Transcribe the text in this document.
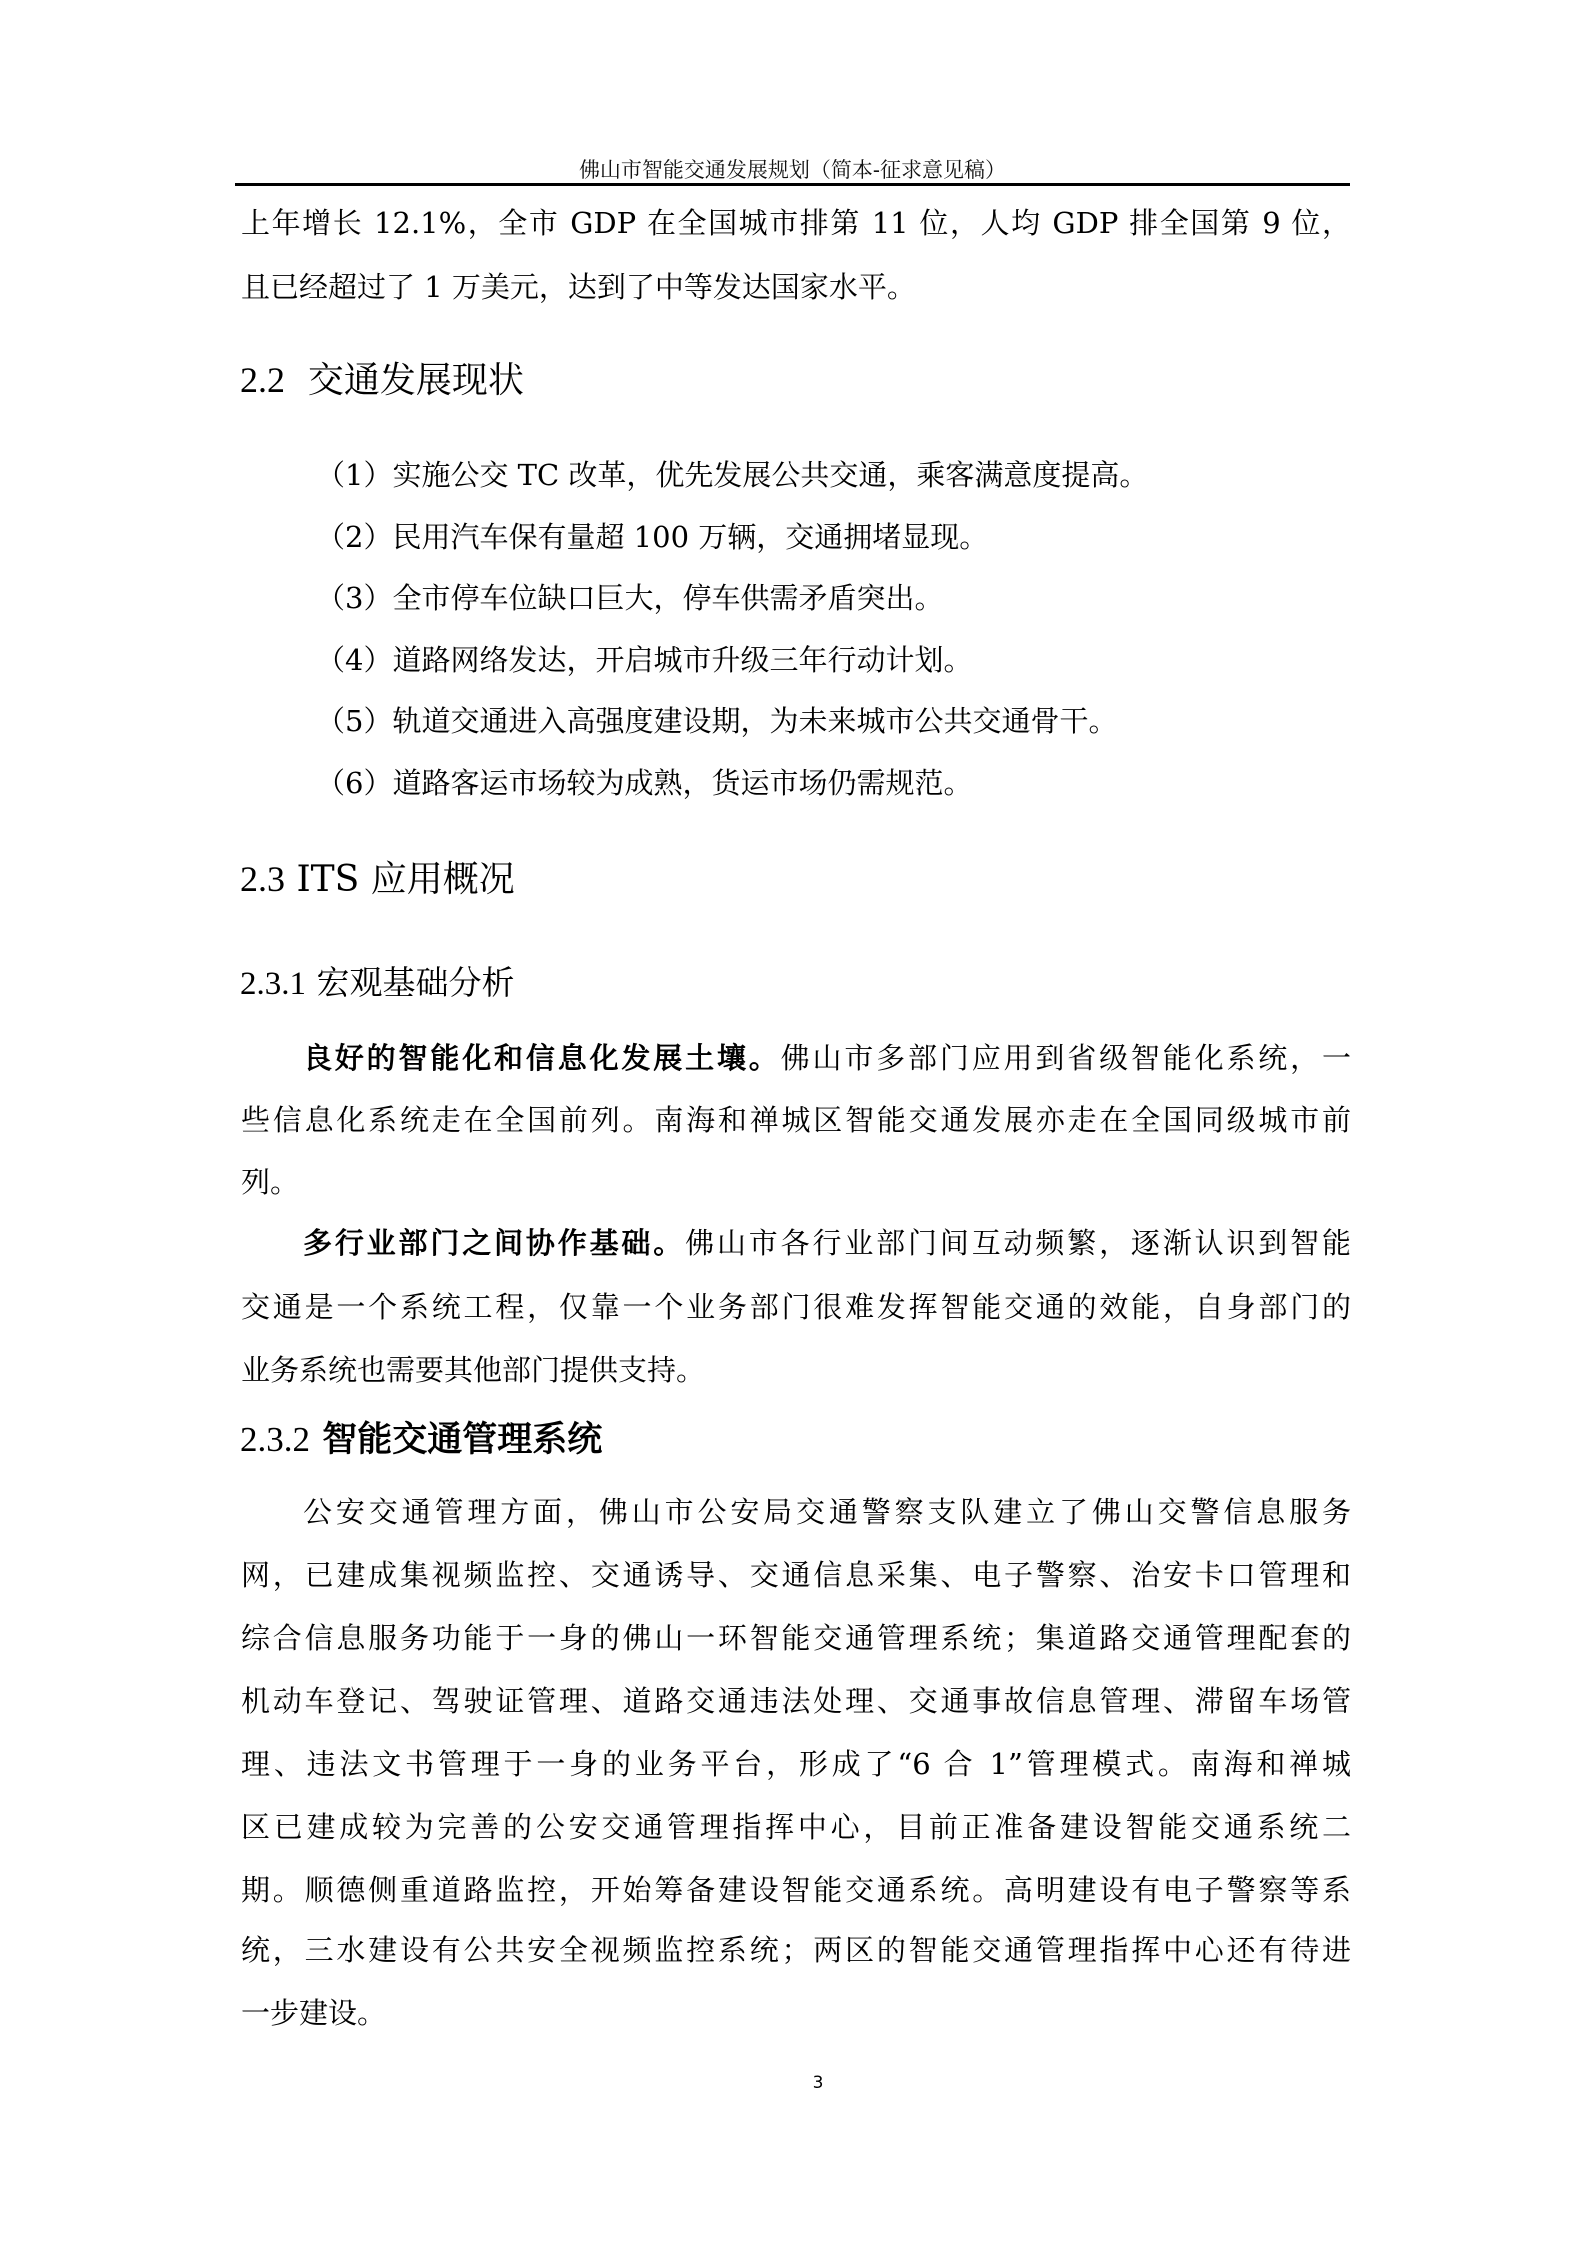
佛山市智能交通发展规划（简本-征求意见稿）
上年增长 12.1%，全市 GDP 在全国城市排第 11 位，人均 GDP 排全国第 9 位，
且已经超过了 1 万美元，达到了中等发达国家水平。
2.2 交通发展现状
（1）实施公交 TC 改革，优先发展公共交通，乘客满意度提高。
（2）民用汽车保有量超 100 万辆，交通拥堵显现。
（3）全市停车位缺口巨大，停车供需矛盾突出。
（4）道路网络发达，开启城市升级三年行动计划。
（5）轨道交通进入高强度建设期，为未来城市公共交通骨干。
（6）道路客运市场较为成熟，货运市场仍需规范。
2.3 ITS 应用概况
2.3.1 宏观基础分析
良好的智能化和信息化发展土壤。佛山市多部门应用到省级智能化系统，一
些信息化系统走在全国前列。南海和禅城区智能交通发展亦走在全国同级城市前
列。
多行业部门之间协作基础。佛山市各行业部门间互动频繁，逐渐认识到智能
交通是一个系统工程，仅靠一个业务部门很难发挥智能交通的效能，自身部门的
业务系统也需要其他部门提供支持。
2.3.2 智能交通管理系统
公安交通管理方面，佛山市公安局交通警察支队建立了佛山交警信息服务
网，已建成集视频监控、交通诱导、交通信息采集、电子警察、治安卡口管理和
综合信息服务功能于一身的佛山一环智能交通管理系统；集道路交通管理配套的
机动车登记、驾驶证管理、道路交通违法处理、交通事故信息管理、滞留车场管
理、违法文书管理于一身的业务平台，形成了“6 合 1”管理模式。南海和禅城
区已建成较为完善的公安交通管理指挥中心，目前正准备建设智能交通系统二
期。顺德侧重道路监控，开始筹备建设智能交通系统。高明建设有电子警察等系
统，三水建设有公共安全视频监控系统；两区的智能交通管理指挥中心还有待进
一步建设。
3
